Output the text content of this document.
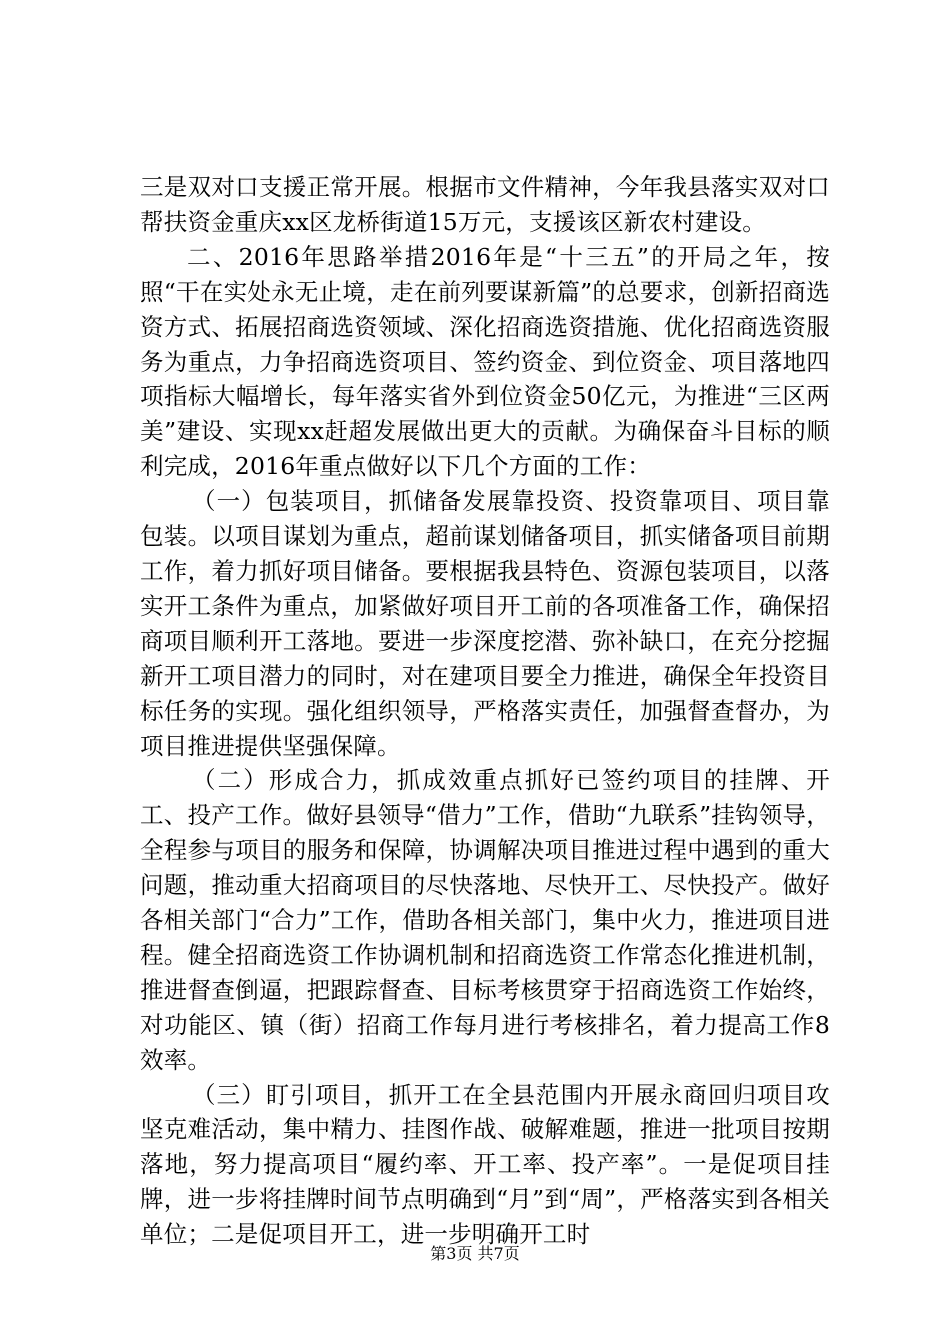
三是双对口支援正常开展。根据市文件精神，今年我县落实双对口帮扶资金重庆xx区龙桥街道15万元，支援该区新农村建设。

二、2016年思路举措2016年是“十三五”的开局之年，按照“干在实处永无止境，走在前列要谋新篇”的总要求，创新招商选资方式、拓展招商选资领域、深化招商选资措施、优化招商选资服务为重点，力争招商选资项目、签约资金、到位资金、项目落地四项指标大幅增长，每年落实省外到位资金50亿元，为推进“三区两美”建设、实现xx赶超发展做出更大的贡献。为确保奋斗目标的顺利完成，2016年重点做好以下几个方面的工作：

（一）包装项目，抓储备发展靠投资、投资靠项目、项目靠包装。以项目谋划为重点，超前谋划储备项目，抓实储备项目前期工作，着力抓好项目储备。要根据我县特色、资源包装项目，以落实开工条件为重点，加紧做好项目开工前的各项准备工作，确保招商项目顺利开工落地。要进一步深度挖潜、弥补缺口，在充分挖掘新开工项目潜力的同时，对在建项目要全力推进，确保全年投资目标任务的实现。强化组织领导，严格落实责任，加强督查督办，为项目推进提供坚强保障。

（二）形成合力，抓成效重点抓好已签约项目的挂牌、开工、投产工作。做好县领导“借力”工作，借助“九联系”挂钩领导，全程参与项目的服务和保障，协调解决项目推进过程中遇到的重大问题，推动重大招商项目的尽快落地、尽快开工、尽快投产。做好各相关部门“合力”工作，借助各相关部门，集中火力，推进项目进程。健全招商选资工作协调机制和招商选资工作常态化推进机制，推进督查倒逼，把跟踪督查、目标考核贯穿于招商选资工作始终，对功能区、镇（街）招商工作每月进行考核排名，着力提高工作8效率。

（三）盯引项目，抓开工在全县范围内开展永商回归项目攻坚克难活动，集中精力、挂图作战、破解难题，推进一批项目按期落地，努力提高项目“履约率、开工率、投产率”。一是促项目挂牌，进一步将挂牌时间节点明确到“月”到“周”，严格落实到各相关单位；二是促项目开工，进一步明确开工时

第3页 共7页
